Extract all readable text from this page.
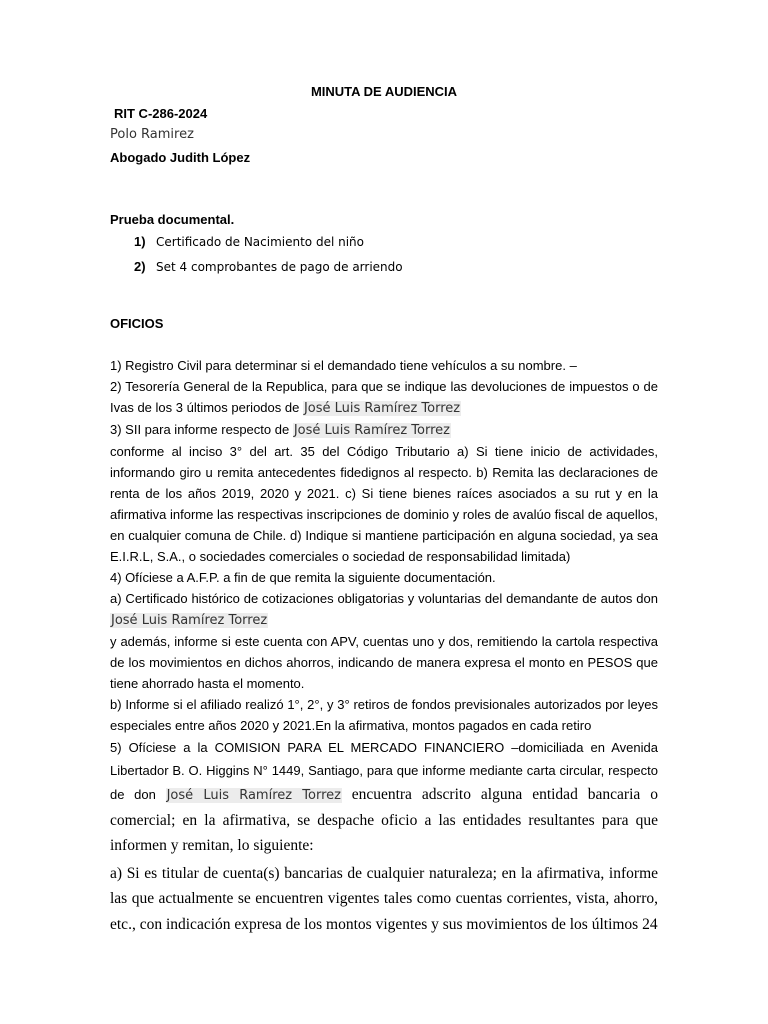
MINUTA DE AUDIENCIA
RIT C-286-2024
Polo Ramirez
Abogado Judith López
Prueba documental.
1) Certificado de Nacimiento del niño
2) Set 4 comprobantes de pago de arriendo
OFICIOS
1) Registro Civil para determinar si el demandado tiene vehículos a su nombre. –
2) Tesorería General de la Republica, para que se indique las devoluciones de impuestos o de Ivas de los 3 últimos periodos de José Luis Ramírez Torrez
3) SII para informe respecto de José Luis Ramírez Torrez
conforme al inciso 3° del art. 35 del Código Tributario a) Si tiene inicio de actividades, informando giro u remita antecedentes fidedignos al respecto. b) Remita las declaraciones de renta de los años 2019, 2020 y 2021. c) Si tiene bienes raíces asociados a su rut y en la afirmativa informe las respectivas inscripciones de dominio y roles de avalúo fiscal de aquellos, en cualquier comuna de Chile. d) Indique si mantiene participación en alguna sociedad, ya sea E.I.R.L, S.A., o sociedades comerciales o sociedad de responsabilidad limitada)
4) Ofíciese a A.F.P. a fin de que remita la siguiente documentación.
a) Certificado histórico de cotizaciones obligatorias y voluntarias del demandante de autos don José Luis Ramírez Torrez
y además, informe si este cuenta con APV, cuentas uno y dos, remitiendo la cartola respectiva de los movimientos en dichos ahorros, indicando de manera expresa el monto en PESOS que tiene ahorrado hasta el momento.
b) Informe si el afiliado realizó 1°, 2°, y 3° retiros de fondos previsionales autorizados por leyes especiales entre años 2020 y 2021.En la afirmativa, montos pagados en cada retiro
5) Ofíciese a la COMISION PARA EL MERCADO FINANCIERO –domiciliada en Avenida Libertador B. O. Higgins N° 1449, Santiago, para que informe mediante carta circular, respecto de don José Luis Ramírez Torrez encuentra adscrito alguna entidad bancaria o comercial; en la afirmativa, se despache oficio a las entidades resultantes para que informen y remitan, lo siguiente:
a) Si es titular de cuenta(s) bancarias de cualquier naturaleza; en la afirmativa, informe las que actualmente se encuentren vigentes tales como cuentas corrientes, vista, ahorro, etc., con indicación expresa de los montos vigentes y sus movimientos de los últimos 24
